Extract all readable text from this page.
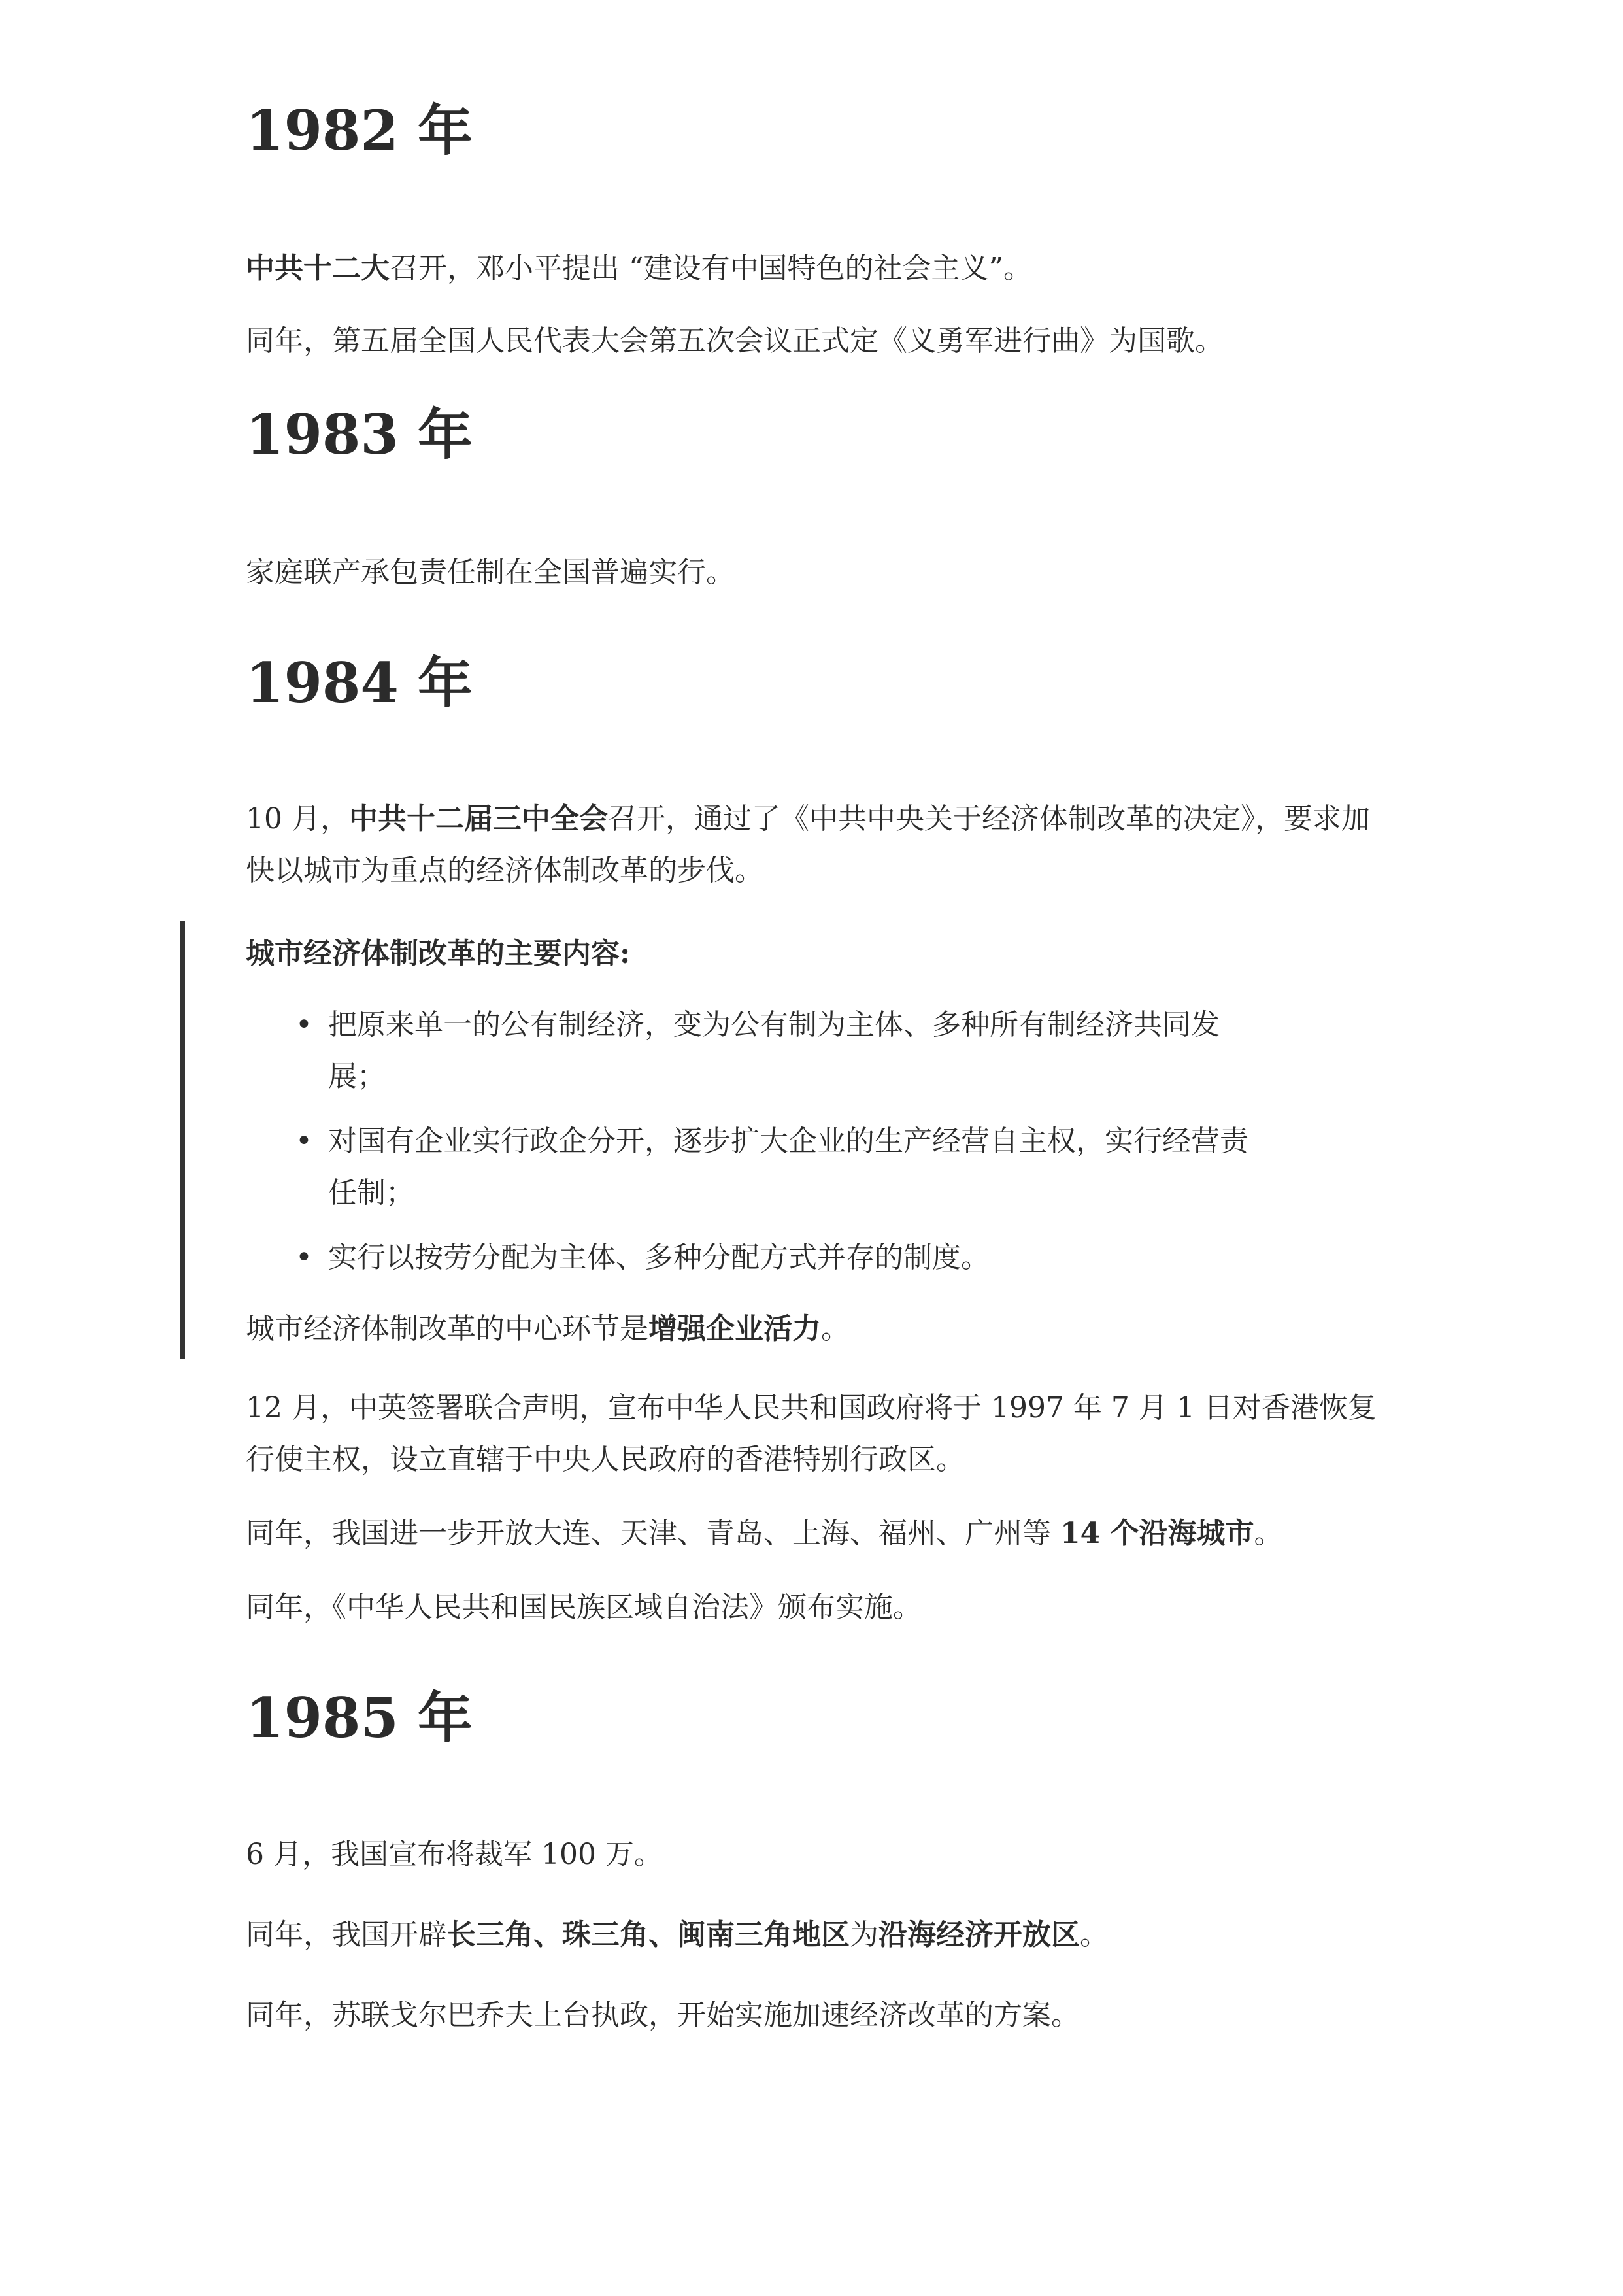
1982 年

中共十二大召开，邓小平提出 “建设有中国特色的社会主义”。

同年，第五届全国人民代表大会第五次会议正式定《义勇军进行曲》为国歌。

1983 年

家庭联产承包责任制在全国普遍实行。

1984 年

10 月，中共十二届三中全会召开，通过了《中共中央关于经济体制改革的决定》，要求加快以城市为重点的经济体制改革的步伐。

城市经济体制改革的主要内容:

• 把原来单一的公有制经济，变为公有制为主体、多种所有制经济共同发展；
• 对国有企业实行政企分开，逐步扩大企业的生产经营自主权，实行经营责任制；
• 实行以按劳分配为主体、多种分配方式并存的制度。

城市经济体制改革的中心环节是增强企业活力。

12 月，中英签署联合声明，宣布中华人民共和国政府将于 1997 年 7 月 1 日对香港恢复行使主权，设立直辖于中央人民政府的香港特别行政区。

同年，我国进一步开放大连、天津、青岛、上海、福州、广州等 14 个沿海城市。

同年，《中华人民共和国民族区域自治法》颁布实施。

1985 年

6 月，我国宣布将裁军 100 万。

同年，我国开辟长三角、珠三角、闽南三角地区为沿海经济开放区。

同年，苏联戈尔巴乔夫上台执政，开始实施加速经济改革的方案。
